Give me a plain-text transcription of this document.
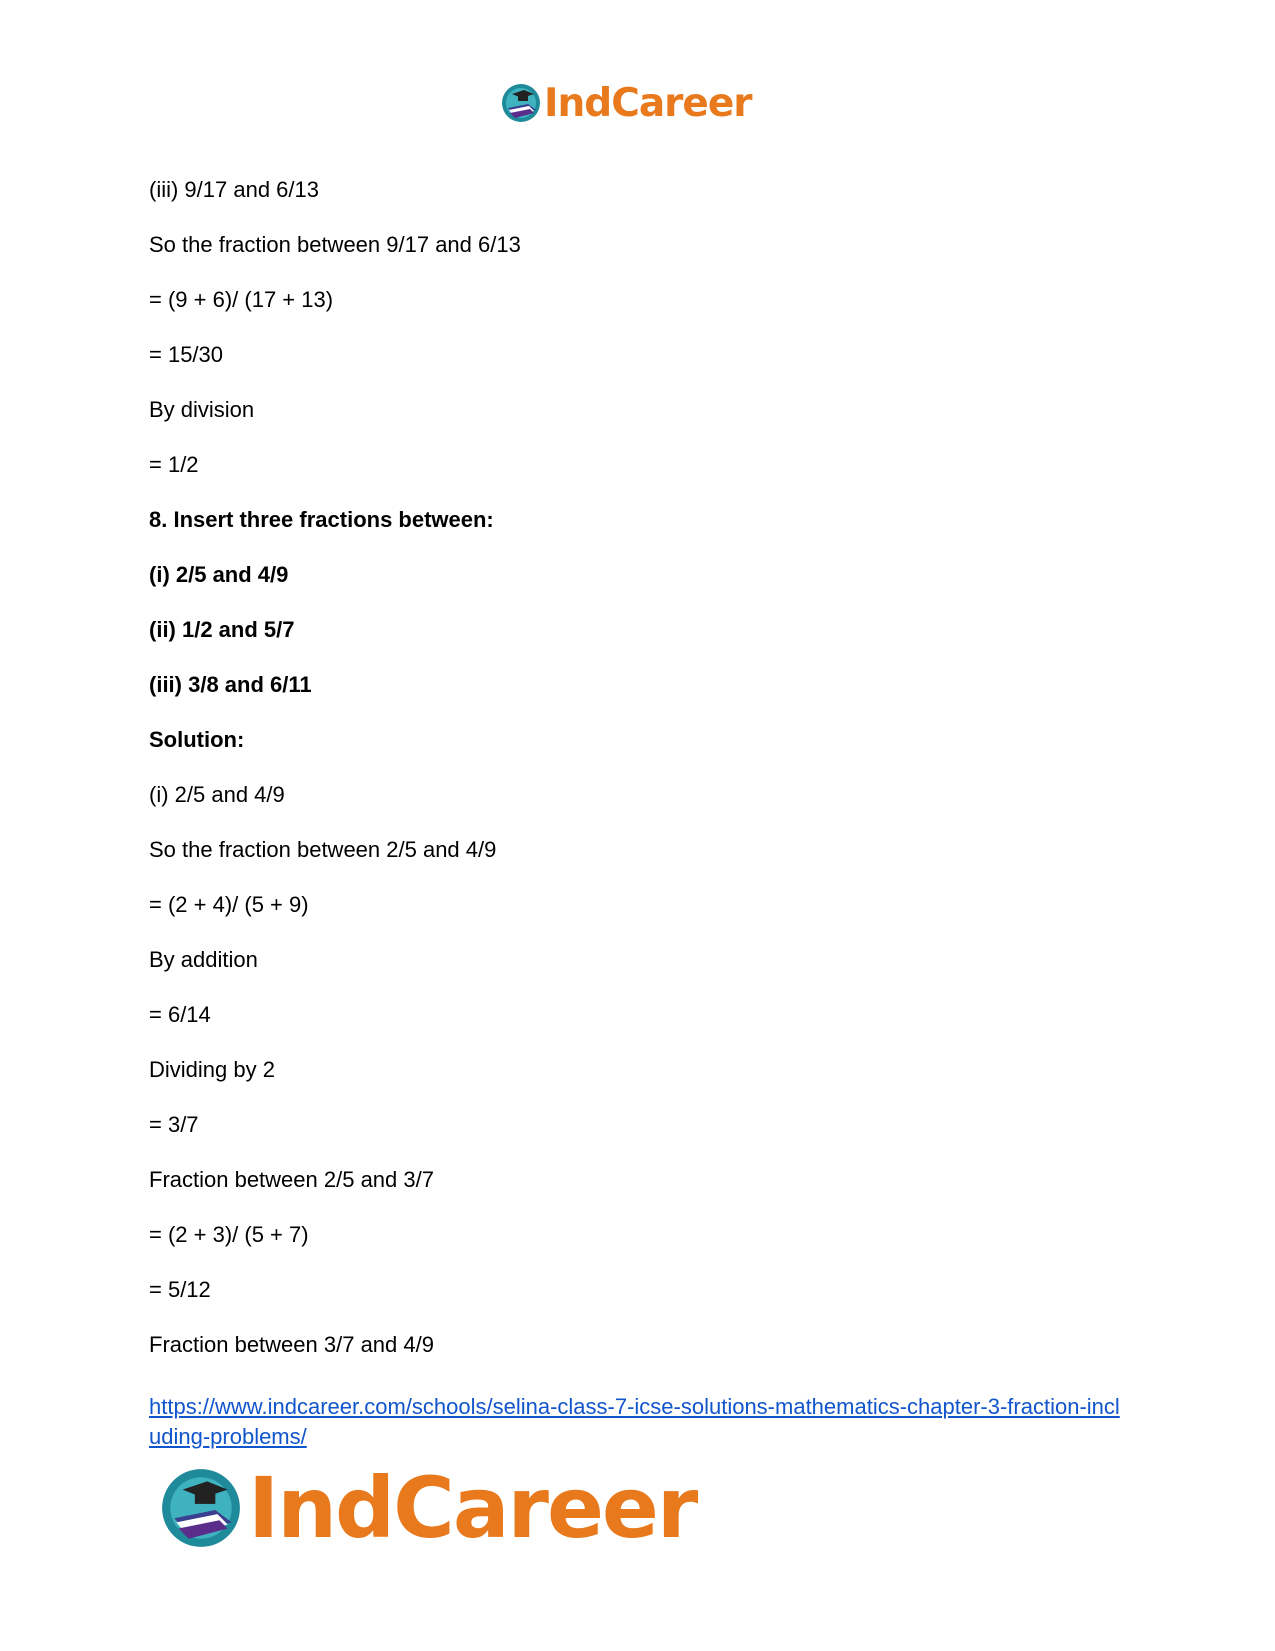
IndCareer
(iii) 9/17 and 6/13
So the fraction between 9/17 and 6/13
= (9 + 6)/ (17 + 13)
= 15/30
By division
= 1/2
8. Insert three fractions between:
(i) 2/5 and 4/9
(ii) 1/2 and 5/7
(iii) 3/8 and 6/11
Solution:
(i) 2/5 and 4/9
So the fraction between 2/5 and 4/9
= (2 + 4)/ (5 + 9)
By addition
= 6/14
Dividing by 2
= 3/7
Fraction between 2/5 and 3/7
= (2 + 3)/ (5 + 7)
= 5/12
Fraction between 3/7 and 4/9
https://www.indcareer.com/schools/selina-class-7-icse-solutions-mathematics-chapter-3-fraction-including-problems/
IndCareer
